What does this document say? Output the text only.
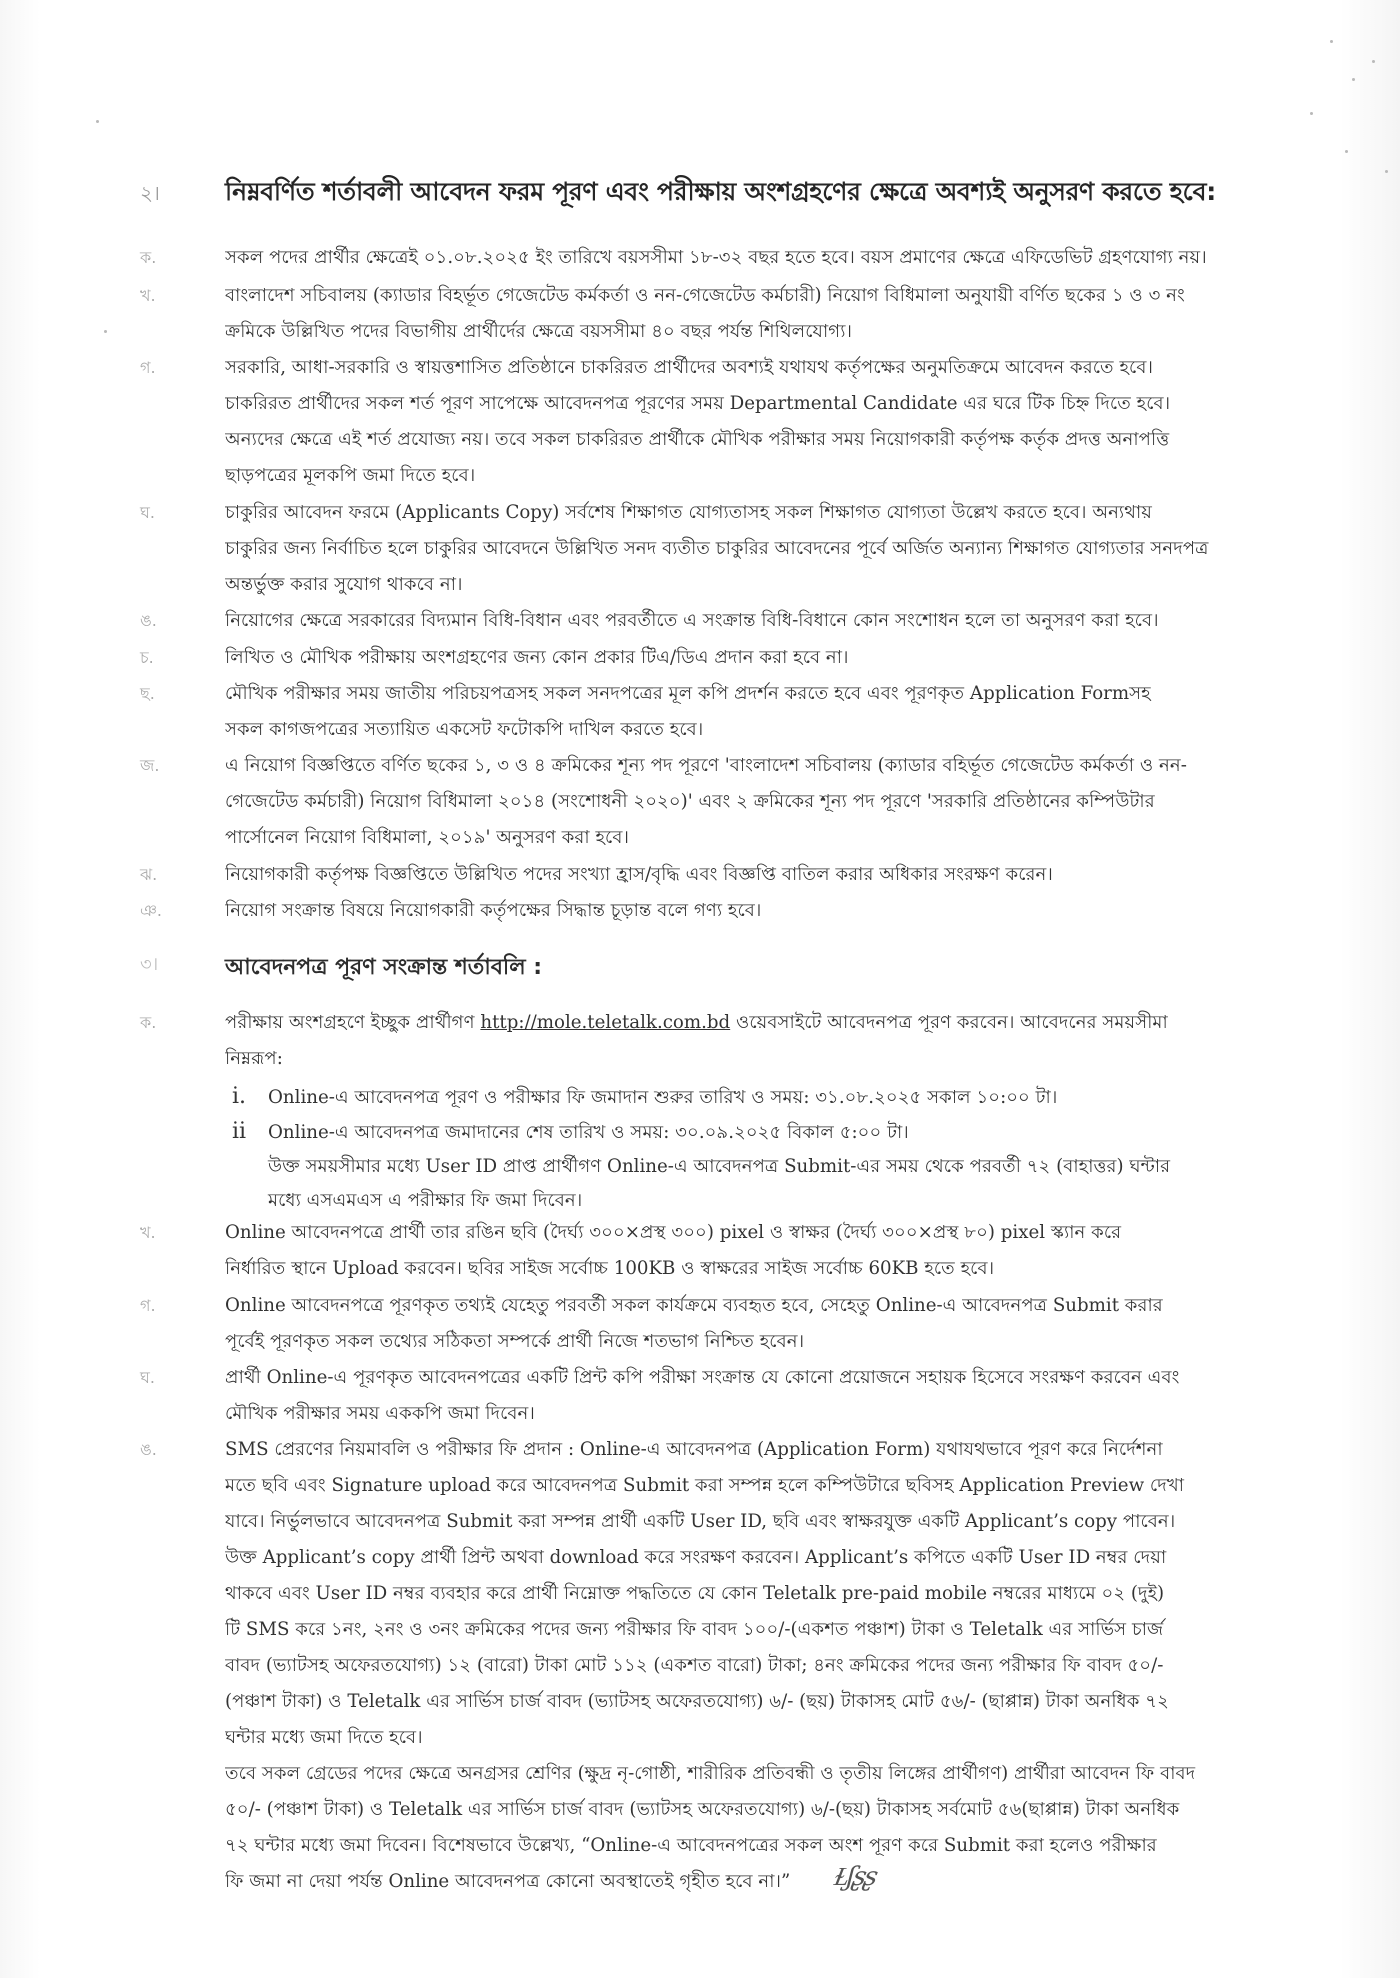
২।	নিম্নবর্ণিত শর্তাবলী আবেদন ফরম পূরণ এবং পরীক্ষায় অংশগ্রহণের ক্ষেত্রে অবশ্যই অনুসরণ করতে হবে:
ক.	সকল পদের প্রার্থীর ক্ষেত্রেই ০১.০৮.২০২৫ ইং তারিখে বয়সসীমা ১৮-৩২ বছর হতে হবে। বয়স প্রমাণের ক্ষেত্রে এফিডেভিট গ্রহণযোগ্য নয়।
খ.	বাংলাদেশ সচিবালয় (ক্যাডার বিহর্ভূত গেজেটেড কর্মকর্তা ও নন-গেজেটেড কর্মচারী) নিয়োগ বিধিমালা অনুযায়ী বর্ণিত ছকের ১ ও ৩ নং
ক্রমিকে উল্লিখিত পদের বিভাগীয় প্রার্থীর্দের ক্ষেত্রে বয়সসীমা ৪০ বছর পর্যন্ত শিথিলযোগ্য।
গ.	সরকারি, আধা-সরকারি ও স্বায়ত্তশাসিত প্রতিষ্ঠানে চাকরিরত প্রার্থীদের অবশ্যই যথাযথ কর্তৃপক্ষের অনুমতিক্রমে আবেদন করতে হবে।
চাকরিরত প্রার্থীদের সকল শর্ত পূরণ সাপেক্ষে আবেদনপত্র পূরণের সময় Departmental Candidate এর ঘরে টিক চিহ্ন দিতে হবে।
অন্যদের ক্ষেত্রে এই শর্ত প্রযোজ্য নয়। তবে সকল চাকরিরত প্রার্থীকে মৌখিক পরীক্ষার সময় নিয়োগকারী কর্তৃপক্ষ কর্তৃক প্রদত্ত অনাপত্তি
ছাড়পত্রের মূলকপি জমা দিতে হবে।
ঘ.	চাকুরির আবেদন ফরমে (Applicants Copy) সর্বশেষ শিক্ষাগত যোগ্যতাসহ সকল শিক্ষাগত যোগ্যতা উল্লেখ করতে হবে। অন্যথায়
চাকুরির জন্য নির্বাচিত হলে চাকুরির আবেদনে উল্লিখিত সনদ ব্যতীত চাকুরির আবেদনের পূর্বে অর্জিত অন্যান্য শিক্ষাগত যোগ্যতার সনদপত্র
অন্তর্ভুক্ত করার সুযোগ থাকবে না।
ঙ.	নিয়োগের ক্ষেত্রে সরকারের বিদ্যমান বিধি-বিধান এবং পরবর্তীতে এ সংক্রান্ত বিধি-বিধানে কোন সংশোধন হলে তা অনুসরণ করা হবে।
চ.	লিখিত ও মৌখিক পরীক্ষায় অংশগ্রহণের জন্য কোন প্রকার টিএ/ডিএ প্রদান করা হবে না।
ছ.	মৌখিক পরীক্ষার সময় জাতীয় পরিচয়পত্রসহ সকল সনদপত্রের মূল কপি প্রদর্শন করতে হবে এবং পূরণকৃত Application Formসহ
সকল কাগজপত্রের সত্যায়িত একসেট ফটোকপি দাখিল করতে হবে।
জ.	এ নিয়োগ বিজ্ঞপ্তিতে বর্ণিত ছকের ১, ৩ ও ৪ ক্রমিকের শূন্য পদ পূরণে 'বাংলাদেশ সচিবালয় (ক্যাডার বহির্ভূত গেজেটেড কর্মকর্তা ও নন-
গেজেটেড কর্মচারী) নিয়োগ বিধিমালা ২০১৪ (সংশোধনী ২০২০)' এবং ২ ক্রমিকের শূন্য পদ পূরণে 'সরকারি প্রতিষ্ঠানের কম্পিউটার
পার্সোনেল নিয়োগ বিধিমালা, ২০১৯' অনুসরণ করা হবে।
ঝ.	নিয়োগকারী কর্তৃপক্ষ বিজ্ঞপ্তিতে উল্লিখিত পদের সংখ্যা হ্রাস/বৃদ্ধি এবং বিজ্ঞপ্তি বাতিল করার অধিকার সংরক্ষণ করেন।
ঞ.	নিয়োগ সংক্রান্ত বিষয়ে নিয়োগকারী কর্তৃপক্ষের সিদ্ধান্ত চূড়ান্ত বলে গণ্য হবে।
৩।	আবেদনপত্র পূরণ সংক্রান্ত শর্তাবলি :
ক.	পরীক্ষায় অংশগ্রহণে ইচ্ছুক প্রার্থীগণ http://mole.teletalk.com.bd ওয়েবসাইটে আবেদনপত্র পূরণ করবেন। আবেদনের সময়সীমা
নিম্নরূপ:
i. Online-এ আবেদনপত্র পূরণ ও পরীক্ষার ফি জমাদান শুরুর তারিখ ও সময়: ৩১.০৮.২০২৫ সকাল ১০:০০ টা।
ii Online-এ আবেদনপত্র জমাদানের শেষ তারিখ ও সময়: ৩০.০৯.২০২৫ বিকাল ৫:০০ টা।
উক্ত সময়সীমার মধ্যে User ID প্রাপ্ত প্রার্থীগণ Online-এ আবেদনপত্র Submit-এর সময় থেকে পরবর্তী ৭২ (বাহাত্তর) ঘন্টার
মধ্যে এসএমএস এ পরীক্ষার ফি জমা দিবেন।
খ.	Online আবেদনপত্রে প্রার্থী তার রঙিন ছবি (দৈর্ঘ্য ৩০০×প্রস্থ ৩০০) pixel ও স্বাক্ষর (দৈর্ঘ্য ৩০০×প্রস্থ ৮০) pixel স্ক্যান করে
নির্ধারিত স্থানে Upload করবেন। ছবির সাইজ সর্বোচ্চ 100KB ও স্বাক্ষরের সাইজ সর্বোচ্চ 60KB হতে হবে।
গ.	Online আবেদনপত্রে পূরণকৃত তথ্যই যেহেতু পরবর্তী সকল কার্যক্রমে ব্যবহৃত হবে, সেহেতু Online-এ আবেদনপত্র Submit করার
পূর্বেই পূরণকৃত সকল তথ্যের সঠিকতা সম্পর্কে প্রার্থী নিজে শতভাগ নিশ্চিত হবেন।
ঘ.	প্রার্থী Online-এ পূরণকৃত আবেদনপত্রের একটি প্রিন্ট কপি পরীক্ষা সংক্রান্ত যে কোনো প্রয়োজনে সহায়ক হিসেবে সংরক্ষণ করবেন এবং
মৌখিক পরীক্ষার সময় এককপি জমা দিবেন।
ঙ.	SMS প্রেরণের নিয়মাবলি ও পরীক্ষার ফি প্রদান : Online-এ আবেদনপত্র (Application Form) যথাযথভাবে পূরণ করে নির্দেশনা
মতে ছবি এবং Signature upload করে আবেদনপত্র Submit করা সম্পন্ন হলে কম্পিউটারে ছবিসহ Application Preview দেখা
যাবে। নির্ভুলভাবে আবেদনপত্র Submit করা সম্পন্ন প্রার্থী একটি User ID, ছবি এবং স্বাক্ষরযুক্ত একটি Applicant’s copy পাবেন।
উক্ত Applicant’s copy প্রার্থী প্রিন্ট অথবা download করে সংরক্ষণ করবেন। Applicant’s কপিতে একটি User ID নম্বর দেয়া
থাকবে এবং User ID নম্বর ব্যবহার করে প্রার্থী নিম্নোক্ত পদ্ধতিতে যে কোন Teletalk pre-paid mobile নম্বরের মাধ্যমে ০২ (দুই)
টি SMS করে ১নং, ২নং ও ৩নং ক্রমিকের পদের জন্য পরীক্ষার ফি বাবদ ১০০/-(একশত পঞ্চাশ) টাকা ও Teletalk এর সার্ভিস চার্জ
বাবদ (ভ্যাটসহ অফেরতযোগ্য) ১২ (বারো) টাকা মোট ১১২ (একশত বারো) টাকা; ৪নং ক্রমিকের পদের জন্য পরীক্ষার ফি বাবদ ৫০/-
(পঞ্চাশ টাকা) ও Teletalk এর সার্ভিস চার্জ বাবদ (ভ্যাটসহ অফেরতযোগ্য) ৬/- (ছয়) টাকাসহ মোট ৫৬/- (ছাপ্পান্ন) টাকা অনধিক ৭২
ঘন্টার মধ্যে জমা দিতে হবে।
তবে সকল গ্রেডের পদের ক্ষেত্রে অনগ্রসর শ্রেণির (ক্ষুদ্র নৃ-গোষ্ঠী, শারীরিক প্রতিবন্ধী ও তৃতীয় লিঙ্গের প্রার্থীগণ) প্রার্থীরা আবেদন ফি বাবদ
৫০/- (পঞ্চাশ টাকা) ও Teletalk এর সার্ভিস চার্জ বাবদ (ভ্যাটসহ অফেরতযোগ্য) ৬/-(ছয়) টাকাসহ সর্বমোট ৫৬(ছাপ্পান্ন) টাকা অনধিক
৭২ ঘন্টার মধ্যে জমা দিবেন। বিশেষভাবে উল্লেখ্য, “Online-এ আবেদনপত্রের সকল অংশ পূরণ করে Submit করা হলেও পরীক্ষার
ফি জমা না দেয়া পর্যন্ত Online আবেদনপত্র কোনো অবস্থাতেই গৃহীত হবে না।”	Ɫʃʂʂ
